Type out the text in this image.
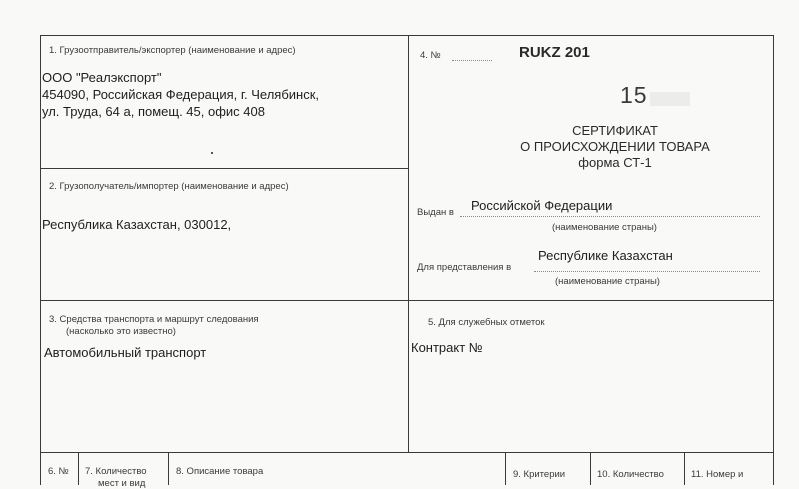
1. Грузоотправитель/экспортер (наименование и адрес)
ООО "Реалэкспорт"
454090, Российская Федерация, г. Челябинск,
ул. Труда, 64 а, помещ. 45, офис 408
4. №	RUKZ 201
15
СЕРТИФИКАТ
О ПРОИСХОЖДЕНИИ ТОВАРА
форма СТ-1
Выдан в Российской Федерации
(наименование страны)
Для представления в
Республике Казахстан
(наименование страны)
2. Грузополучатель/импортер (наименование и адрес)
Республика Казахстан, 030012,
3. Средства транспорта и маршрут следования
(насколько это известно)
Автомобильный транспорт
5. Для служебных отметок
Контракт №
6. № 7. Количество
мест и вид
8. Описание товара	9. Критерии	10. Количество	11. Номер и
